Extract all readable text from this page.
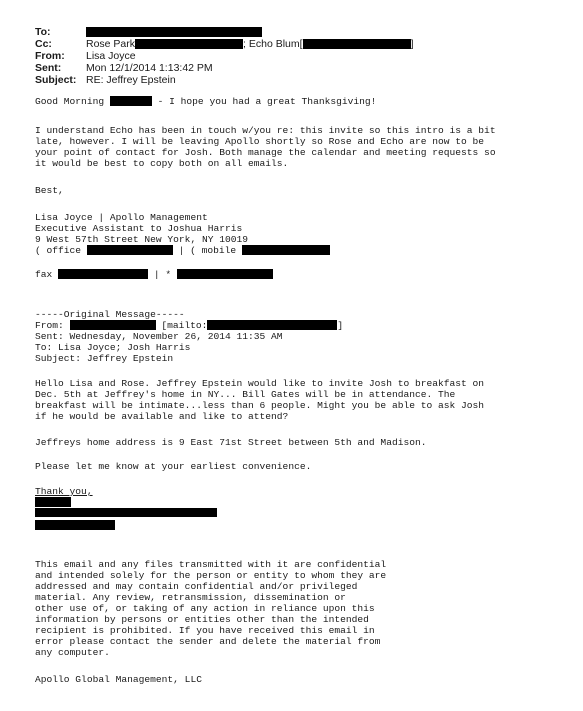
To:
Cc:	Rose Park	; Echo Blum[	]
From: Lisa Joyce
Sent: Mon 12/1/2014 1:13:42 PM
Subject: RE: Jeffrey Epstein
Good Morning	- I hope you had a great Thanksgiving!
I understand Echo has been in touch w/you re: this invite so this intro is a bit
late, however. I will be leaving Apollo shortly so Rose and Echo are now to be
your point of contact for Josh. Both manage the calendar and meeting requests so
it would be best to copy both on all emails.
Best,
Lisa Joyce | Apollo Management
Executive Assistant to Joshua Harris
9 West 57th Street New York, NY 10019
( office	| ( mobile
fax	| *
-----Original Message-----
From:	[mailto:	]
Sent: Wednesday, November 26, 2014 11:35 AM
To: Lisa Joyce; Josh Harris
Subject: Jeffrey Epstein
Hello Lisa and Rose. Jeffrey Epstein would like to invite Josh to breakfast on
Dec. 5th at Jeffrey's home in NY... Bill Gates will be in attendance. The
breakfast will be intimate...less than 6 people. Might you be able to ask Josh
if he would be available and like to attend?
Jeffreys home address is 9 East 71st Street between 5th and Madison.
Please let me know at your earliest convenience.
Thank you,
This email and any files transmitted with it are confidential
and intended solely for the person or entity to whom they are
addressed and may contain confidential and/or privileged
material. Any review, retransmission, dissemination or
other use of, or taking of any action in reliance upon this
information by persons or entities other than the intended
recipient is prohibited. If you have received this email in
error please contact the sender and delete the material from
any computer.
Apollo Global Management, LLC
